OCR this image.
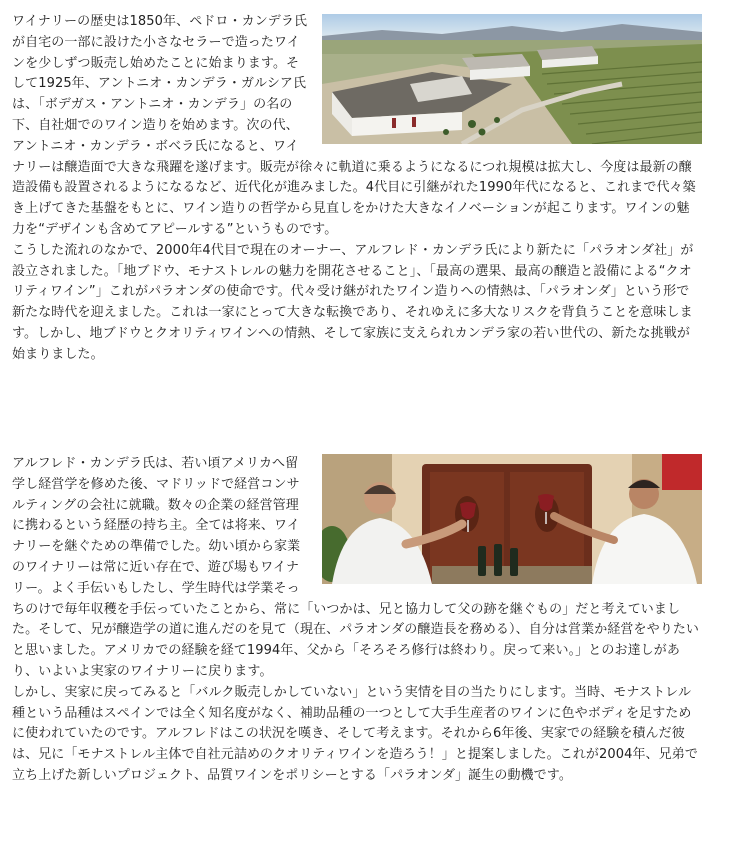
ワイナリーの歴史は1850年、ペドロ・カンデラ氏が自宅の一部に設けた小さなセラーで造ったワインを少しずつ販売し始めたことに始まります。そして1925年、アントニオ・カンデラ・ガルシア氏は、「ボデガス・アントニオ・カンデラ」の名の下、自社畑でのワイン造りを始めます。次の代、アントニオ・カンデラ・ボベラ氏になると、ワイナリーは醸造面で大きな飛躍を遂げます。販売が徐々に軌道に乗るようになるにつれ規模は拡大し、今度は最新の醸造設備も設置されるようになるなど、近代化が進みました。4代目に引継がれた1990年代になると、これまで代々築き上げてきた基盤をもとに、ワイン造りの哲学から見直しをかけた大きなイノベーションが起こります。ワインの魅力を“デザインも含めてアピールする”というものです。

こうした流れのなかで、2000年4代目で現在のオーナー、アルフレド・カンデラ氏により新たに「パラオンダ社」が設立されました。「地ブドウ、モナストレルの魅力を開花させること」、「最高の選果、最高の醸造と設備による“クオリティワイン”」これがパラオンダの使命です。代々受け継がれたワイン造りへの情熱は、「パラオンダ」という形で新たな時代を迎えました。これは一家にとって大きな転換であり、それゆえに多大なリスクを背負うことを意味します。しかし、地ブドウとクオリティワインへの情熱、そして家族に支えられカンデラ家の若い世代の、新たな挑戦が始まりました。

アルフレド・カンデラ氏は、若い頃アメリカへ留学し経営学を修めた後、マドリッドで経営コンサルティングの会社に就職。数々の企業の経営管理に携わるという経歴の持ち主。全ては将来、ワイナリーを継ぐための準備でした。幼い頃から家業のワイナリーは常に近い存在で、遊び場もワイナリー。よく手伝いもしたし、学生時代は学業そっちのけで毎年収穫を手伝っていたことから、常に「いつかは、兄と協力して父の跡を継ぐもの」だと考えていました。そして、兄が醸造学の道に進んだのを見て（現在、パラオンダの醸造長を務める）、自分は営業か経営をやりたいと思いました。アメリカでの経験を経て1994年、父から「そろそろ修行は終わり。戻って来い。」とのお達しがあり、いよいよ実家のワイナリーに戻ります。

しかし、実家に戻ってみると「バルク販売しかしていない」という実情を目の当たりにします。当時、モナストレル種という品種はスペインでは全く知名度がなく、補助品種の一つとして大手生産者のワインに色やボディを足すために使われていたのです。アルフレドはこの状況を嘆き、そして考えます。それから6年後、実家での経験を積んだ彼は、兄に「モナストレル主体で自社元詰めのクオリティワインを造ろう！」と提案しました。これが2004年、兄弟で立ち上げた新しいプロジェクト、品質ワインをポリシーとする「パラオンダ」誕生の動機です。
